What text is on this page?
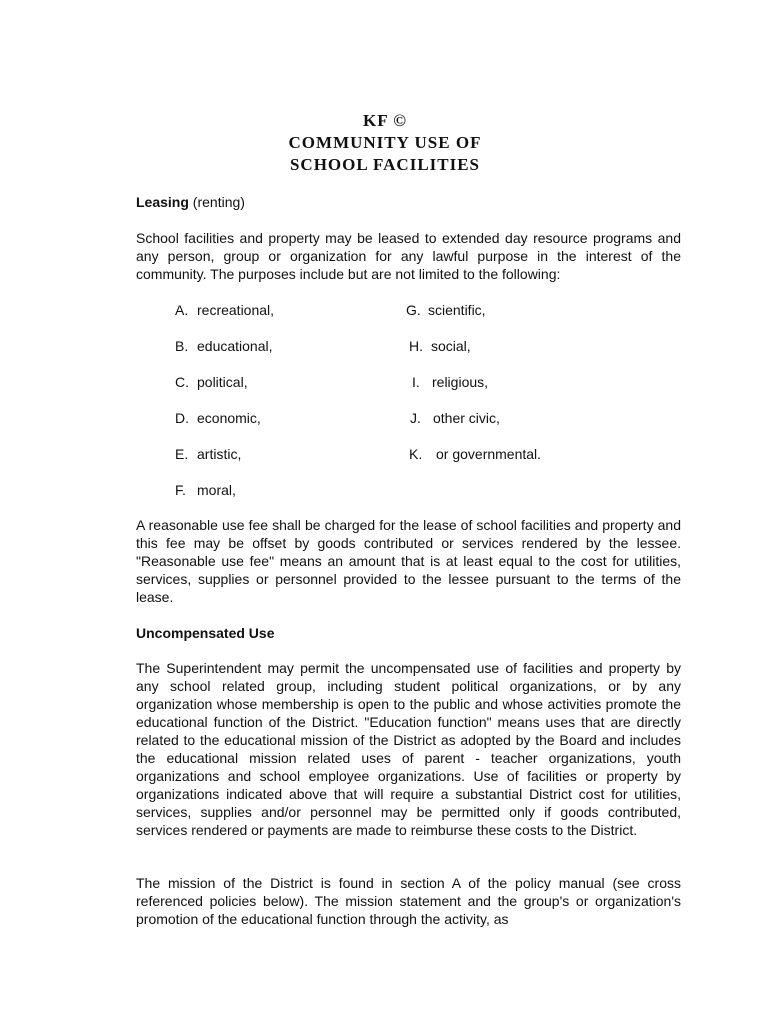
KF ©
COMMUNITY USE OF
SCHOOL FACILITIES
Leasing (renting)
School facilities and property may be leased to extended day resource programs and any person, group or organization for any lawful purpose in the interest of the community. The purposes include but are not limited to the following:
A. recreational,
B. educational,
C. political,
D. economic,
E. artistic,
F. moral,
G. scientific,
H. social,
I. religious,
J. other civic,
K. or governmental.
A reasonable use fee shall be charged for the lease of school facilities and property and this fee may be offset by goods contributed or services rendered by the lessee. "Reasonable use fee" means an amount that is at least equal to the cost for utilities, services, supplies or personnel provided to the lessee pursuant to the terms of the lease.
Uncompensated Use
The Superintendent may permit the uncompensated use of facilities and property by any school related group, including student political organizations, or by any organization whose membership is open to the public and whose activities promote the educational function of the District. "Education function" means uses that are directly related to the educational mission of the District as adopted by the Board and includes the educational mission related uses of parent - teacher organizations, youth organizations and school employee organizations. Use of facilities or property by organizations indicated above that will require a substantial District cost for utilities, services, supplies and/or personnel may be permitted only if goods contributed, services rendered or payments are made to reimburse these costs to the District.
The mission of the District is found in section A of the policy manual (see cross referenced policies below). The mission statement and the group's or organization's promotion of the educational function through the activity, as
